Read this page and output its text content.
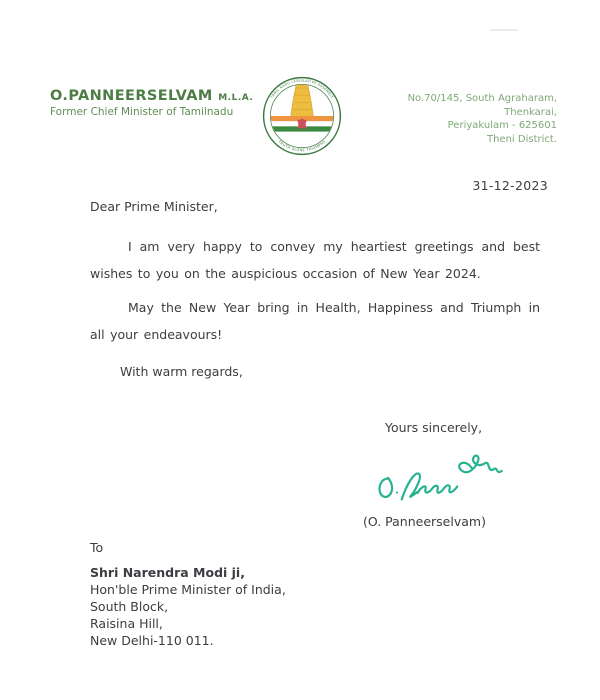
O.PANNEERSELVAM M.L.A.
Former Chief Minister of Tamilnadu
TAMIL NADU LEGISLATIVE ASSEMBLY
TRUTH ALONE TRIUMPHS
No.70/145, South Agraharam,
Thenkarai,
Periyakulam - 625601
Theni District.
31-12-2023

Dear Prime Minister,

I am very happy to convey my heartiest greetings and best wishes to you on the auspicious occasion of New Year 2024.

May the New Year bring in Health, Happiness and Triumph in all your endeavours!

With warm regards,

Yours sincerely,
(O. Panneerselvam)

To

Shri Narendra Modi ji,

Hon'ble Prime Minister of India,

South Block,

Raisina Hill,

New Delhi-110 011.
